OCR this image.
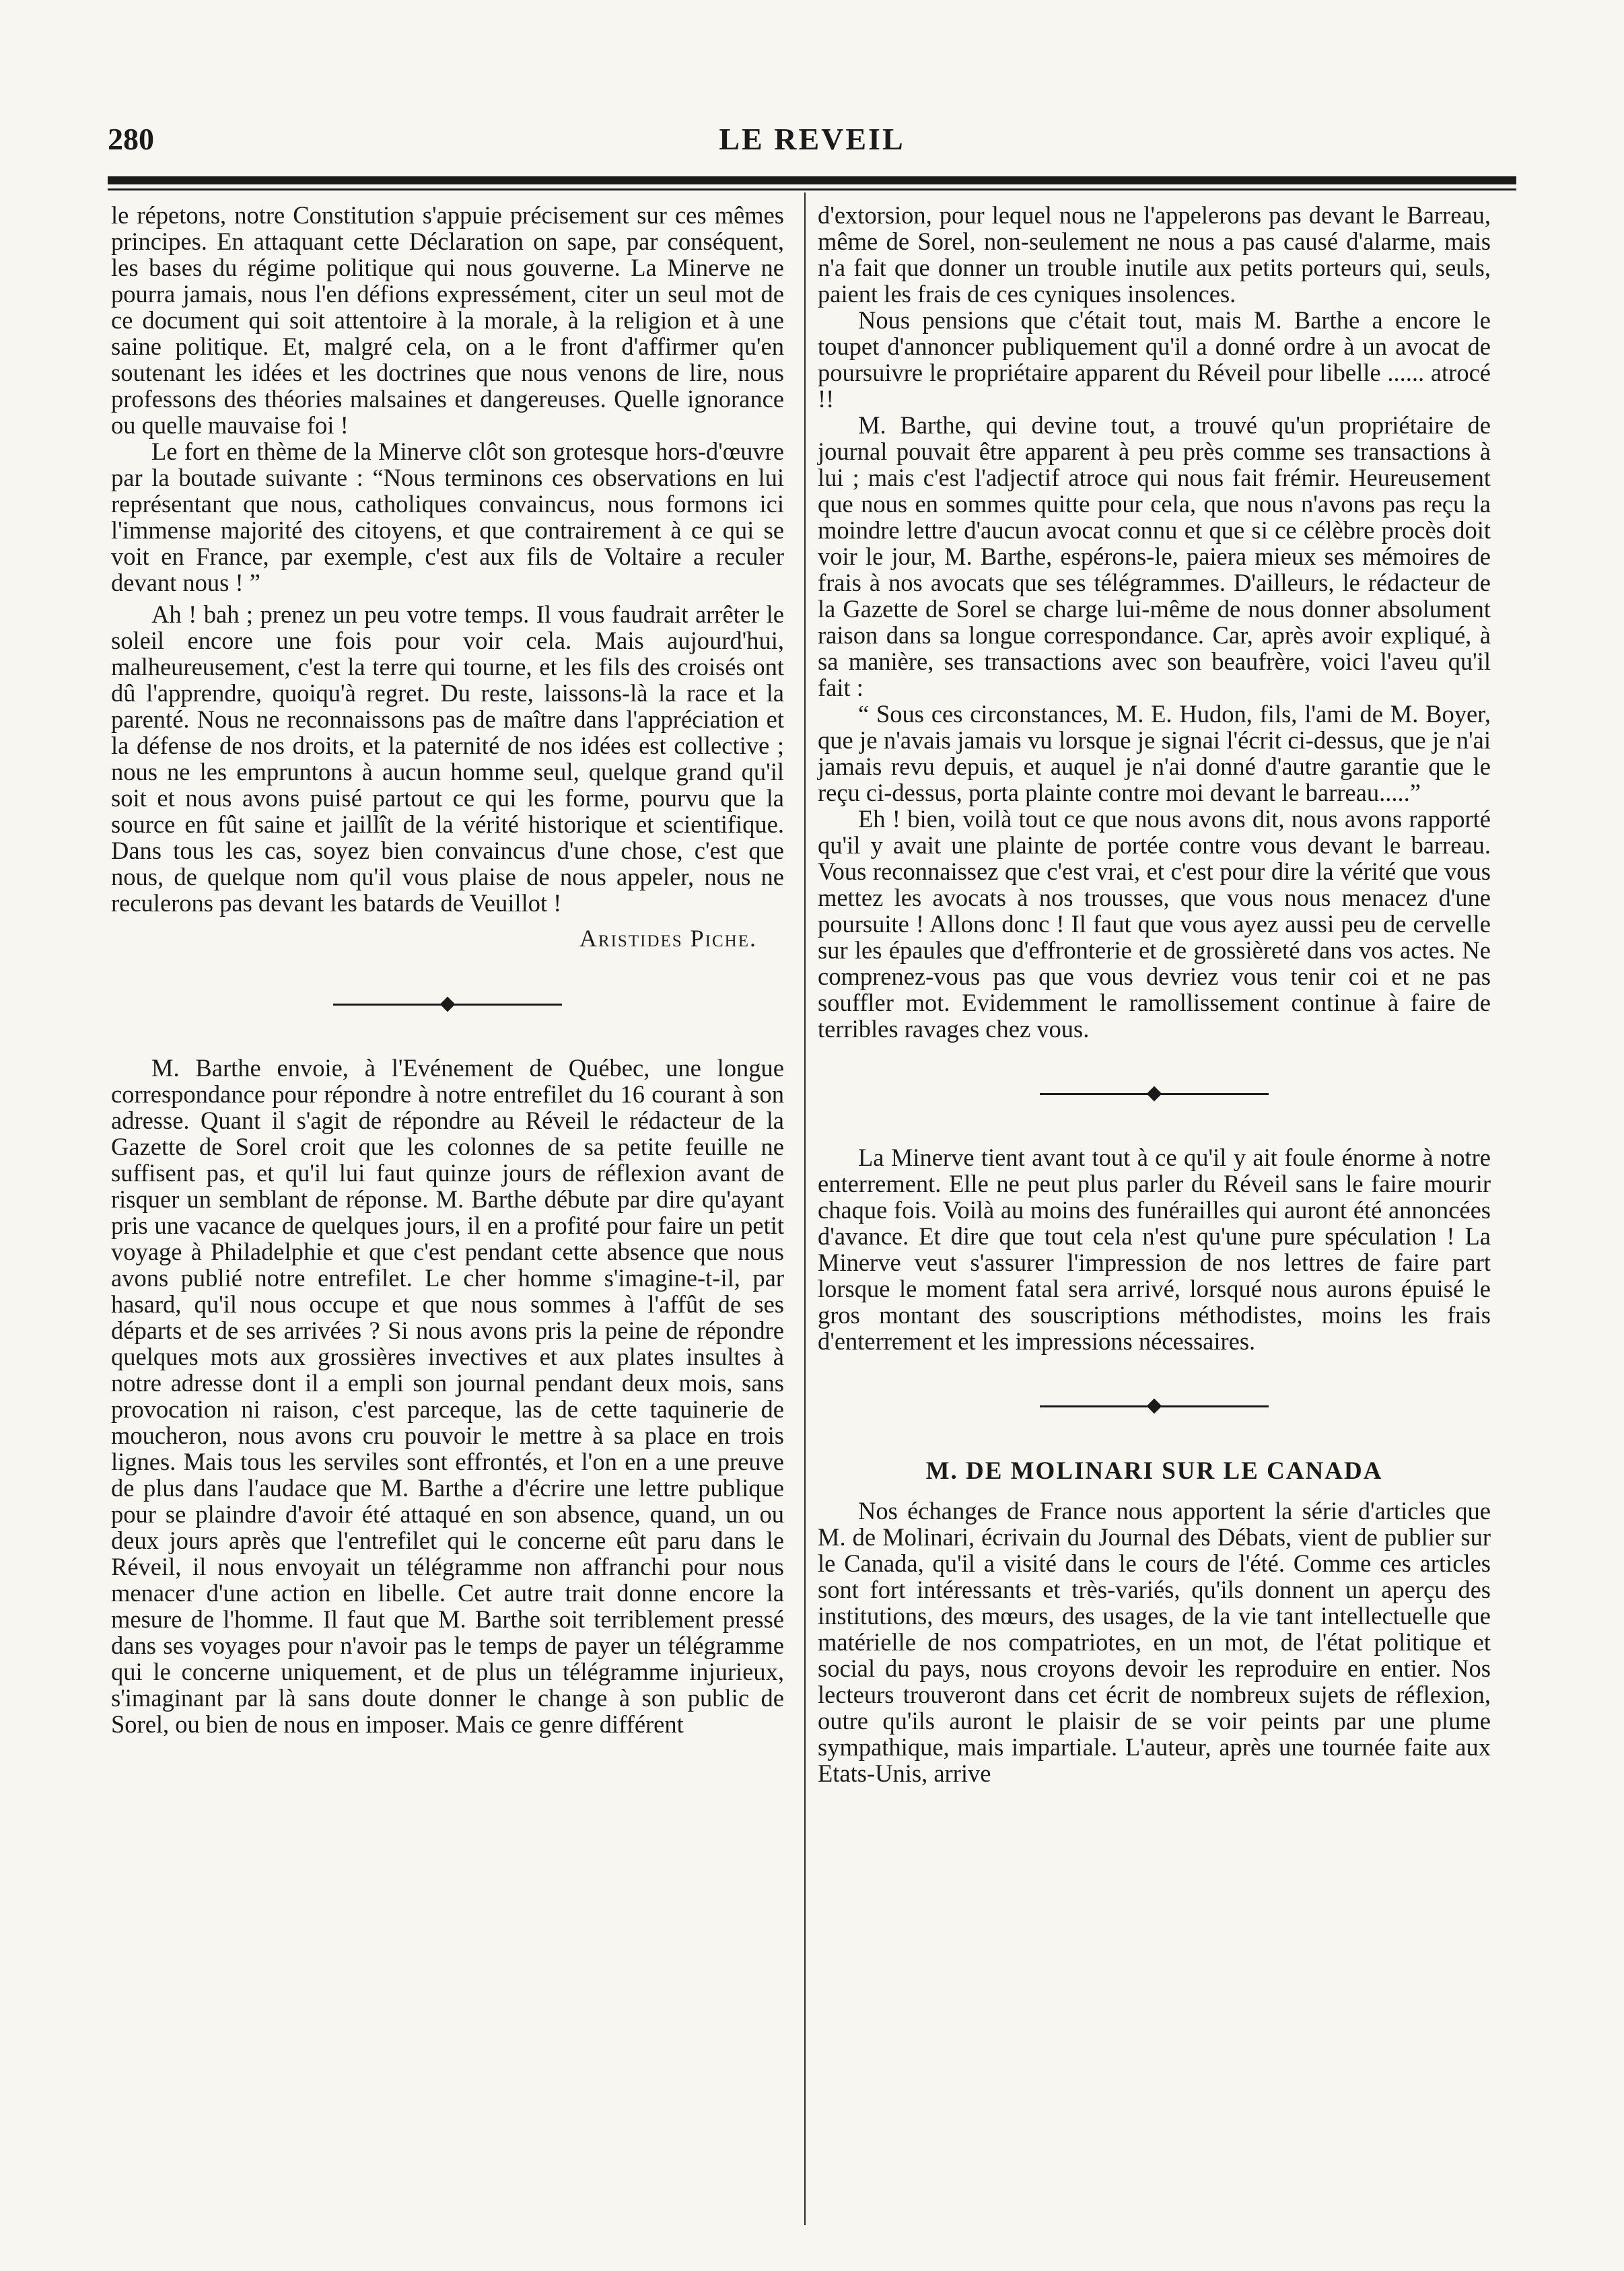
280	LE REVEIL

le répetons, notre Constitution s'appuie précisement sur ces mêmes principes. En attaquant cette Déclaration on sape, par conséquent, les bases du régime politique qui nous gouverne. La Minerve ne pourra jamais, nous l'en défions expressément, citer un seul mot de ce document qui soit attentoire à la morale, à la religion et à une saine politique. Et, malgré cela, on a le front d'affirmer qu'en soutenant les idées et les doctrines que nous venons de lire, nous professons des théories malsaines et dangereuses. Quelle ignorance ou quelle mauvaise foi !

Le fort en thème de la Minerve clôt son grotesque hors-d'œuvre par la boutade suivante : “Nous terminons ces observations en lui représentant que nous, catholiques convaincus, nous formons ici l'immense majorité des citoyens, et que contrairement à ce qui se voit en France, par exemple, c'est aux fils de Voltaire a reculer devant nous ! ”

Ah ! bah ; prenez un peu votre temps. Il vous faudrait arrêter le soleil encore une fois pour voir cela. Mais aujourd'hui, malheureusement, c'est la terre qui tourne, et les fils des croisés ont dû l'apprendre, quoiqu'à regret. Du reste, laissons-là la race et la parenté. Nous ne reconnaissons pas de maître dans l'appréciation et la défense de nos droits, et la paternité de nos idées est collective ; nous ne les empruntons à aucun homme seul, quelque grand qu'il soit et nous avons puisé partout ce qui les forme, pourvu que la source en fût saine et jaillît de la vérité historique et scientifique. Dans tous les cas, soyez bien convaincus d'une chose, c'est que nous, de quelque nom qu'il vous plaise de nous appeler, nous ne reculerons pas devant les batards de Veuillot !

Aristides Piche.

M. Barthe envoie, à l'Evénement de Québec, une longue correspondance pour répondre à notre entrefilet du 16 courant à son adresse. Quant il s'agit de répondre au Réveil le rédacteur de la Gazette de Sorel croit que les colonnes de sa petite feuille ne suffisent pas, et qu'il lui faut quinze jours de réflexion avant de risquer un semblant de réponse. M. Barthe débute par dire qu'ayant pris une vacance de quelques jours, il en a profité pour faire un petit voyage à Philadelphie et que c'est pendant cette absence que nous avons publié notre entrefilet. Le cher homme s'imagine-t-il, par hasard, qu'il nous occupe et que nous sommes à l'affût de ses départs et de ses arrivées ? Si nous avons pris la peine de répondre quelques mots aux grossières invectives et aux plates insultes à notre adresse dont il a empli son journal pendant deux mois, sans provocation ni raison, c'est parceque, las de cette taquinerie de moucheron, nous avons cru pouvoir le mettre à sa place en trois lignes. Mais tous les serviles sont effrontés, et l'on en a une preuve de plus dans l'audace que M. Barthe a d'écrire une lettre publique pour se plaindre d'avoir été attaqué en son absence, quand, un ou deux jours après que l'entrefilet qui le concerne eût paru dans le Réveil, il nous envoyait un télégramme non affranchi pour nous menacer d'une action en libelle. Cet autre trait donne encore la mesure de l'homme. Il faut que M. Barthe soit terriblement pressé dans ses voyages pour n'avoir pas le temps de payer un télégramme qui le concerne uniquement, et de plus un télégramme injurieux, s'imaginant par là sans doute donner le change à son public de Sorel, ou bien de nous en imposer. Mais ce genre différent

d'extorsion, pour lequel nous ne l'appelerons pas devant le Barreau, même de Sorel, non-seulement ne nous a pas causé d'alarme, mais n'a fait que donner un trouble inutile aux petits porteurs qui, seuls, paient les frais de ces cyniques insolences.

Nous pensions que c'était tout, mais M. Barthe a encore le toupet d'annoncer publiquement qu'il a donné ordre à un avocat de poursuivre le propriétaire apparent du Réveil pour libelle ...... atrocé !!

M. Barthe, qui devine tout, a trouvé qu'un propriétaire de journal pouvait être apparent à peu près comme ses transactions à lui ; mais c'est l'adjectif atroce qui nous fait frémir. Heureusement que nous en sommes quitte pour cela, que nous n'avons pas reçu la moindre lettre d'aucun avocat connu et que si ce célèbre procès doit voir le jour, M. Barthe, espérons-le, paiera mieux ses mémoires de frais à nos avocats que ses télégrammes. D'ailleurs, le rédacteur de la Gazette de Sorel se charge lui-même de nous donner absolument raison dans sa longue correspondance. Car, après avoir expliqué, à sa manière, ses transactions avec son beaufrère, voici l'aveu qu'il fait :

“ Sous ces circonstances, M. E. Hudon, fils, l'ami de M. Boyer, que je n'avais jamais vu lorsque je signai l'écrit ci-dessus, que je n'ai jamais revu depuis, et auquel je n'ai donné d'autre garantie que le reçu ci-dessus, porta plainte contre moi devant le barreau.....”

Eh ! bien, voilà tout ce que nous avons dit, nous avons rapporté qu'il y avait une plainte de portée contre vous devant le barreau. Vous reconnaissez que c'est vrai, et c'est pour dire la vérité que vous mettez les avocats à nos trousses, que vous nous menacez d'une poursuite ! Allons donc ! Il faut que vous ayez aussi peu de cervelle sur les épaules que d'effronterie et de grossièreté dans vos actes. Ne comprenez-vous pas que vous devriez vous tenir coi et ne pas souffler mot. Evidemment le ramollissement continue à faire de terribles ravages chez vous.

La Minerve tient avant tout à ce qu'il y ait foule énorme à notre enterrement. Elle ne peut plus parler du Réveil sans le faire mourir chaque fois. Voilà au moins des funérailles qui auront été annoncées d'avance. Et dire que tout cela n'est qu'une pure spéculation ! La Minerve veut s'assurer l'impression de nos lettres de faire part lorsque le moment fatal sera arrivé, lorsqué nous aurons épuisé le gros montant des souscriptions méthodistes, moins les frais d'enterrement et les impressions nécessaires.

M. DE MOLINARI SUR LE CANADA

Nos échanges de France nous apportent la série d'articles que M. de Molinari, écrivain du Journal des Débats, vient de publier sur le Canada, qu'il a visité dans le cours de l'été. Comme ces articles sont fort intéressants et très-variés, qu'ils donnent un aperçu des institutions, des mœurs, des usages, de la vie tant intellectuelle que matérielle de nos compatriotes, en un mot, de l'état politique et social du pays, nous croyons devoir les reproduire en entier. Nos lecteurs trouveront dans cet écrit de nombreux sujets de réflexion, outre qu'ils auront le plaisir de se voir peints par une plume sympathique, mais impartiale. L'auteur, après une tournée faite aux Etats-Unis, arrive
